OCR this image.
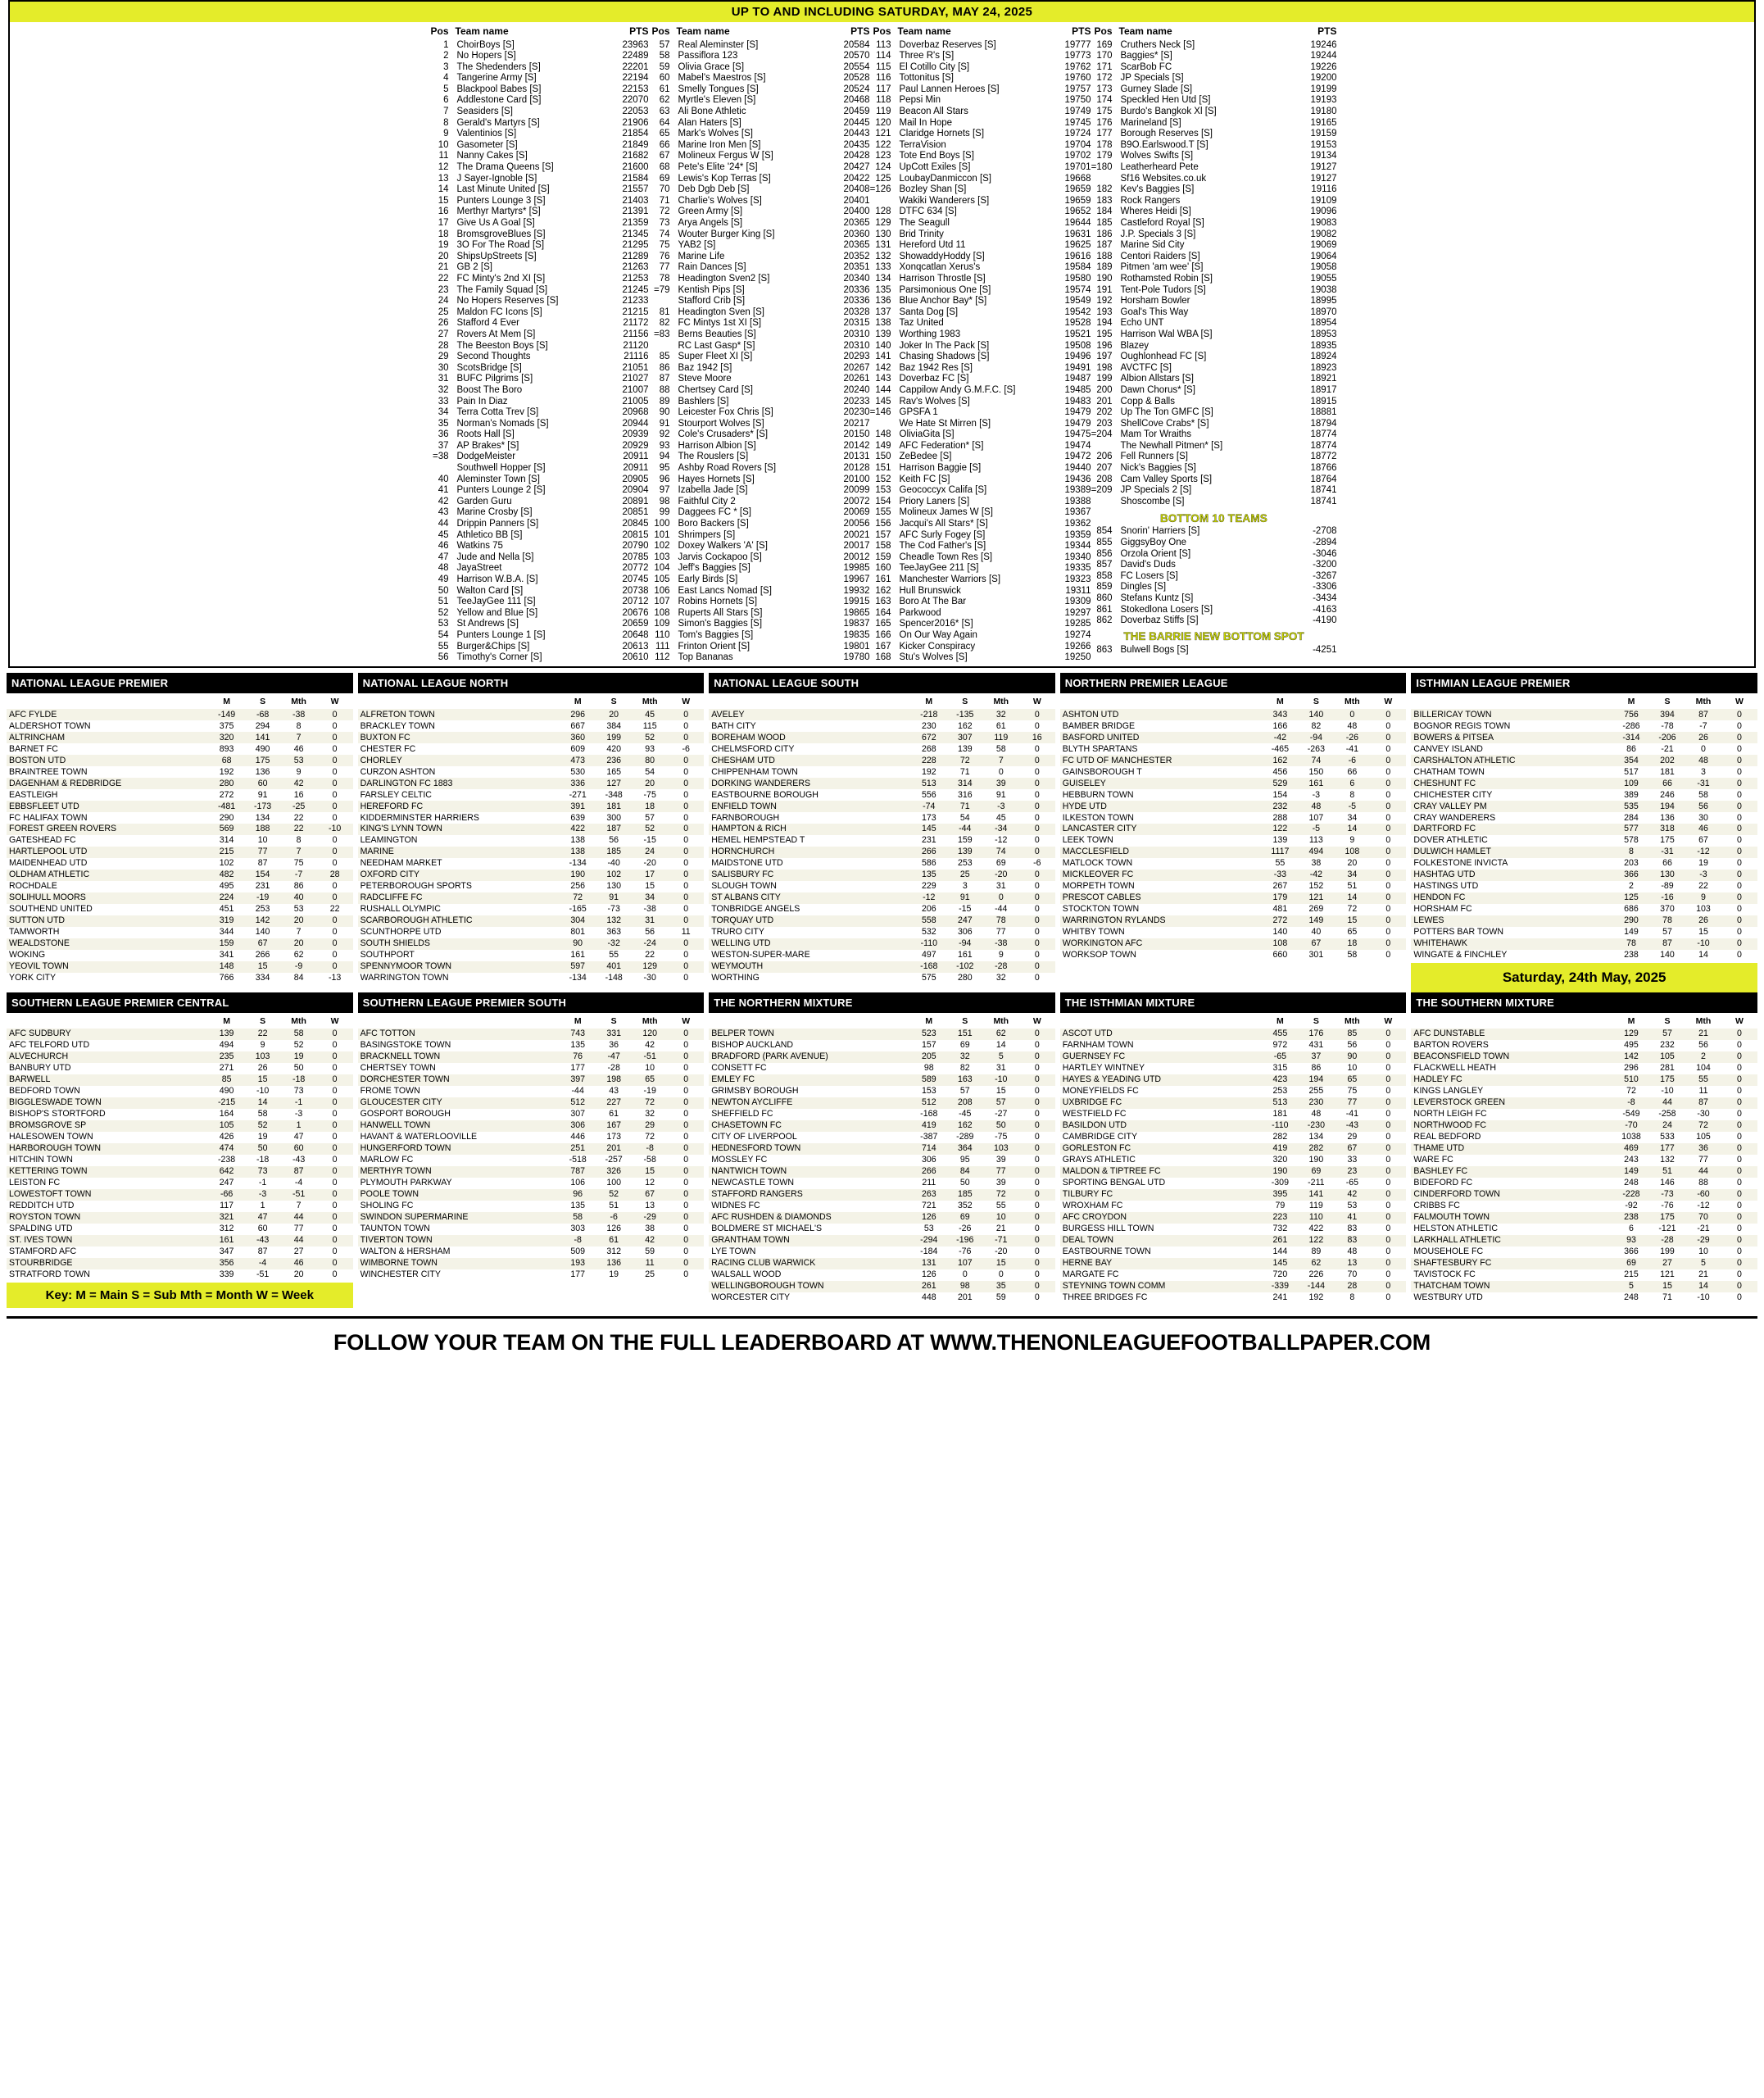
UP TO AND INCLUDING SATURDAY, MAY 24, 2025
Pos	Team name	PTS
1	ChoirBoys [S]	23963
2	No Hopers [S]	22489
3	The Shedenders [S]	22201
4	Tangerine Army [S]	22194
5	Blackpool Babes [S]	22153
6	Addlestone Card [S]	22070
7	Seasiders [S]	22053
8	Gerald's Martyrs [S]	21906
9	Valentinios [S]	21854
10	Gasometer [S]	21849
11	Nanny Cakes [S]	21682
12	The Drama Queens [S]	21600
13	J Sayer-Ignoble [S]	21584
14	Last Minute United [S]	21557
15	Punters Lounge 3 [S]	21403
16	Merthyr Martyrs* [S]	21391
17	Give Us A Goal [S]	21359
18	BromsgroveBlues [S]	21345
19	3O For The Road [S]	21295
20	ShipsUpStreets [S]	21289
21	GB 2 [S]	21263
22	FC Minty's 2nd XI [S]	21253
23	The Family Squad [S]	21245
24	No Hopers Reserves [S]	21233
25	Maldon FC Icons [S]	21215
26	Stafford 4 Ever	21172
27	Rovers At Mem [S]	21156
28	The Beeston Boys [S]	21120
29	Second Thoughts	21116
30	ScotsBridge [S]	21051
31	BUFC Pilgrims [S]	21027
32	Boost The Boro	21007
33	Pain In Diaz	21005
34	Terra Cotta Trev [S]	20968
35	Norman's Nomads [S]	20944
36	Roots Hall [S]	20939
37	AP Brakes* [S]	20929
=38	DodgeMeister	20911
	Southwell Hopper [S]	20911
40	Aleminster Town [S]	20905
41	Punters Lounge 2 [S]	20904
42	Garden Guru	20891
43	Marine Crosby [S]	20851
44	Drippin Panners [S]	20845
45	Athletico BB [S]	20815
46	Watkins 75	20790
47	Jude and Nella [S]	20785
48	JayaStreet	20772
49	Harrison W.B.A. [S]	20745
50	Walton Card [S]	20738
51	TeeJayGee 111 [S]	20712
52	Yellow and Blue [S]	20676
53	St Andrews [S]	20659
54	Punters Lounge 1 [S]	20648
55	Burger&Chips [S]	20613
56	Timothy's Corner [S]	20610
Pos	Team name	PTS
57	Real Aleminster [S]	20584
58	Passiflora 123	20570
59	Olivia Grace [S]	20554
60	Mabel's Maestros [S]	20528
61	Smelly Tongues [S]	20524
62	Myrtle's Eleven [S]	20468
63	Ali Bone Athletic	20459
64	Alan Haters [S]	20445
65	Mark's Wolves [S]	20443
66	Marine Iron Men [S]	20435
67	Molineux Fergus W [S]	20428
68	Pete's Elite '24* [S]	20427
69	Lewis's Kop Terras [S]	20422
70	Deb Dgb Deb [S]	20408
71	Charlie's Wolves [S]	20401
72	Green Army [S]	20400
73	Arya Angels [S]	20365
74	Wouter Burger King [S]	20360
75	YAB2 [S]	20365
76	Marine Life	20352
77	Rain Dances [S]	20351
78	Headington Sven2 [S]	20340
=79	Kentish Pips [S]	20336
	Stafford Crib [S]	20336
81	Headington Sven [S]	20328
82	FC Mintys 1st XI [S]	20315
=83	Berns Beauties [S]	20310
	RC Last Gasp* [S]	20310
85	Super Fleet XI [S]	20293
86	Baz 1942 [S]	20267
87	Steve Moore	20261
88	Chertsey Card [S]	20240
89	Bashlers [S]	20233
90	Leicester Fox Chris [S]	20230
91	Stourport Wolves [S]	20217
92	Cole's Crusaders* [S]	20150
93	Harrison Albion [S]	20142
94	The Rouslers [S]	20131
95	Ashby Road Rovers [S]	20128
96	Hayes Hornets [S]	20100
97	Izabella Jade [S]	20099
98	Faithful City 2	20072
99	Daggees FC * [S]	20069
100	Boro Backers [S]	20056
101	Shrimpers [S]	20021
102	Doxey Walkers 'A' [S]	20017
103	Jarvis Cockapoo [S]	20012
104	Jeff's Baggies [S]	19985
105	Early Birds [S]	19967
106	East Lancs Nomad [S]	19932
107	Robins Hornets [S]	19915
108	Ruperts All Stars [S]	19865
109	Simon's Baggies [S]	19837
110	Tom's Baggies [S]	19835
111	Frinton Orient [S]	19801
112	Top Bananas	19780
Pos	Team name	PTS
113	Doverbaz Reserves [S]	19777
114	Three R's [S]	19773
115	El Cotillo City [S]	19762
116	Tottonitus [S]	19760
117	Paul Lannen Heroes [S]	19757
118	Pepsi Min	19750
119	Beacon All Stars	19749
120	Mail In Hope	19745
121	Claridge Hornets [S]	19724
122	TerraVision	19704
123	Tote End Boys [S]	19702
124	UpCott Exiles [S]	19701
125	LoubayDanmiccon [S]	19668
=126	Bozley Shan [S]	19659
	Wakiki Wanderers [S]	19659
128	DTFC 634 [S]	19652
129	The Seagull	19644
130	Brid Trinity	19631
131	Hereford Utd 11	19625
132	ShowaddyHoddy [S]	19616
133	Xonqcatlan Xerus's	19584
134	Harrison Throstle [S]	19580
135	Parsimonious One [S]	19574
136	Blue Anchor Bay* [S]	19549
137	Santa Dog [S]	19542
138	Taz United	19528
139	Worthing 1983	19521
140	Joker In The Pack [S]	19508
141	Chasing Shadows [S]	19496
142	Baz 1942 Res [S]	19491
143	Doverbaz FC [S]	19487
144	Cappilow Andy G.M.F.C. [S]	19485
145	Rav's Wolves [S]	19483
=146	GPSFA 1	19479
	We Hate St Mirren [S]	19479
148	OliviaGita [S]	19475
149	AFC Federation* [S]	19474
150	ZeBedee [S]	19472
151	Harrison Baggie [S]	19440
152	Keith FC [S]	19436
153	Geococcyx Califa [S]	19389
154	Priory Laners [S]	19388
155	Molineux James W [S]	19367
156	Jacqui's All Stars* [S]	19362
157	AFC Surly Fogey [S]	19359
158	The Cod Father's [S]	19344
159	Cheadle Town Res [S]	19340
160	TeeJayGee 211 [S]	19335
161	Manchester Warriors [S]	19323
162	Hull Brunswick	19311
163	Boro At The Bar	19309
164	Parkwood	19297
165	Spencer2016* [S]	19285
166	On Our Way Again	19274
167	Kicker Conspiracy	19266
168	Stu's Wolves [S]	19250
Pos	Team name	PTS
169	Cruthers Neck [S]	19246
170	Baggies* [S]	19244
171	ScarBob FC	19226
172	JP Specials [S]	19200
173	Gurney Slade [S]	19199
174	Speckled Hen Utd [S]	19193
175	Burdo's Bangkok Xl [S]	19180
176	Marineland [S]	19165
177	Borough Reserves [S]	19159
178	B9O.Earlswood.T [S]	19153
179	Wolves Swifts [S]	19134
=180	Leatherheard Pete	19127
	Sf16 Websites.co.uk	19127
182	Kev's Baggies [S]	19116
183	Rock Rangers	19109
184	Wheres Heidi [S]	19096
185	Castleford Royal [S]	19083
186	J.P. Specials 3 [S]	19082
187	Marine Sid City	19069
188	Centori Raiders [S]	19064
189	Pitmen 'am wee' [S]	19058
190	Rothamsted Robin [S]	19055
191	Tent-Pole Tudors [S]	19038
192	Horsham Bowler	18995
193	Goal's This Way	18970
194	Echo UNT	18954
195	Harrison Wal WBA [S]	18953
196	Blazey	18935
197	Oughlonhead FC [S]	18924
198	AVCTFC [S]	18923
199	Albion Allstars [S]	18921
200	Dawn Chorus* [S]	18917
201	Copp & Balls	18915
202	Up The Ton GMFC [S]	18881
203	ShellCove Crabs* [S]	18794
=204	Mam Tor Wraiths	18774
	The Newhall Pitmen* [S]	18774
206	Fell Runners [S]	18772
207	Nick's Baggies [S]	18766
208	Cam Valley Sports [S]	18764
=209	JP Specials 2 [S]	18741
	Shoscombe [S]	18741
BOTTOM 10 TEAMS
854	Snorin' Harriers [S]	-2708
855	GiggsyBoy One	-2894
856	Orzola Orient [S]	-3046
857	David's Duds	-3200
858	FC Losers [S]	-3267
859	Dingles [S]	-3306
860	Stefans Kuntz [S]	-3434
861	Stokedlona Losers [S]	-4163
862	Doverbaz Stiffs [S]	-4190
THE BARRIE NEW BOTTOM SPOT
863	Bulwell Bogs [S]	-4251
NATIONAL LEAGUE PREMIER
	M	S	Mth	W
AFC FYLDE	-149	-68	-38	0
ALDERSHOT TOWN	375	294	8	0
ALTRINCHAM	320	141	7	0
BARNET FC	893	490	46	0
BOSTON UTD	68	175	53	0
BRAINTREE TOWN	192	136	9	0
DAGENHAM & REDBRIDGE	280	60	42	0
EASTLEIGH	272	91	16	0
EBBSFLEET UTD	-481	-173	-25	0
FC HALIFAX TOWN	290	134	22	0
FOREST GREEN ROVERS	569	188	22	-10
GATESHEAD FC	314	10	8	0
HARTLEPOOL UTD	215	77	7	0
MAIDENHEAD UTD	102	87	75	0
OLDHAM ATHLETIC	482	154	-7	28
ROCHDALE	495	231	86	0
SOLIHULL MOORS	224	-19	40	0
SOUTHEND UNITED	451	253	53	22
SUTTON UTD	319	142	20	0
TAMWORTH	344	140	7	0
WEALDSTONE	159	67	20	0
WOKING	341	266	62	0
YEOVIL TOWN	148	15	-9	0
YORK CITY	766	334	84	-13
NATIONAL LEAGUE NORTH
	M	S	Mth	W
ALFRETON TOWN	296	20	45	0
BRACKLEY TOWN	667	384	115	0
BUXTON FC	360	199	52	0
CHESTER FC	609	420	93	-6
CHORLEY	473	236	80	0
CURZON ASHTON	530	165	54	0
DARLINGTON FC 1883	336	127	20	0
FARSLEY CELTIC	-271	-348	-75	0
HEREFORD FC	391	181	18	0
KIDDERMINSTER HARRIERS	639	300	57	0
KING'S LYNN TOWN	422	187	52	0
LEAMINGTON	138	56	-15	0
MARINE	138	185	24	0
NEEDHAM MARKET	-134	-40	-20	0
OXFORD CITY	190	102	17	0
PETERBOROUGH SPORTS	256	130	15	0
RADCLIFFE FC	72	91	34	0
RUSHALL OLYMPIC	-165	-73	-38	0
SCARBOROUGH ATHLETIC	304	132	31	0
SCUNTHORPE UTD	801	363	56	11
SOUTH SHIELDS	90	-32	-24	0
SOUTHPORT	161	55	22	0
SPENNYMOOR TOWN	597	401	129	0
WARRINGTON TOWN	-134	-148	-30	0
NATIONAL LEAGUE SOUTH
	M	S	Mth	W
AVELEY	-218	-135	32	0
BATH CITY	230	162	61	0
BOREHAM WOOD	672	307	119	16
CHELMSFORD CITY	268	139	58	0
CHESHAM UTD	228	72	7	0
CHIPPENHAM TOWN	192	71	0	0
DORKING WANDERERS	513	314	39	0
EASTBOURNE BOROUGH	556	316	91	0
ENFIELD TOWN	-74	71	-3	0
FARNBOROUGH	173	54	45	0
HAMPTON & RICH	145	-44	-34	0
HEMEL HEMPSTEAD T	231	159	-12	0
HORNCHURCH	266	139	74	0
MAIDSTONE UTD	586	253	69	-6
SALISBURY FC	135	25	-20	0
SLOUGH TOWN	229	3	31	0
ST ALBANS CITY	-12	91	0	0
TONBRIDGE ANGELS	206	-15	-44	0
TORQUAY UTD	558	247	78	0
TRURO CITY	532	306	77	0
WELLING UTD	-110	-94	-38	0
WESTON-SUPER-MARE	497	161	9	0
WEYMOUTH	-168	-102	-28	0
WORTHING	575	280	32	0
NORTHERN PREMIER LEAGUE
	M	S	Mth	W
ASHTON UTD	343	140	0	0
BAMBER BRIDGE	166	82	48	0
BASFORD UNITED	-42	-94	-26	0
BLYTH SPARTANS	-465	-263	-41	0
FC UTD OF MANCHESTER	162	74	-6	0
GAINSBOROUGH T	456	150	66	0
GUISELEY	529	161	6	0
HEBBURN TOWN	154	-3	8	0
HYDE UTD	232	48	-5	0
ILKESTON TOWN	288	107	34	0
LANCASTER CITY	122	-5	14	0
LEEK TOWN	139	113	9	0
MACCLESFIELD	1117	494	108	0
MATLOCK TOWN	55	38	20	0
MICKLEOVER FC	-33	-42	34	0
MORPETH TOWN	267	152	51	0
PRESCOT CABLES	179	121	14	0
STOCKTON TOWN	481	269	72	0
WARRINGTON RYLANDS	272	149	15	0
WHITBY TOWN	140	40	65	0
WORKINGTON AFC	108	67	18	0
WORKSOP TOWN	660	301	58	0
ISTHMIAN LEAGUE PREMIER
	M	S	Mth	W
BILLERICAY TOWN	756	394	87	0
BOGNOR REGIS TOWN	-286	-78	-7	0
BOWERS & PITSEA	-314	-206	26	0
CANVEY ISLAND	86	-21	0	0
CARSHALTON ATHLETIC	354	202	48	0
CHATHAM TOWN	517	181	3	0
CHESHUNT FC	109	66	-31	0
CHICHESTER CITY	389	246	58	0
CRAY VALLEY PM	535	194	56	0
CRAY WANDERERS	284	136	30	0
DARTFORD FC	577	318	46	0
DOVER ATHLETIC	578	175	67	0
DULWICH HAMLET	8	-31	-12	0
FOLKESTONE INVICTA	203	66	19	0
HASHTAG UTD	366	130	-3	0
HASTINGS UTD	2	-89	22	0
HENDON FC	125	-16	9	0
HORSHAM FC	686	370	103	0
LEWES	290	78	26	0
POTTERS BAR TOWN	149	57	15	0
WHITEHAWK	78	87	-10	0
WINGATE & FINCHLEY	238	140	14	0
Saturday, 24th May, 2025
SOUTHERN LEAGUE PREMIER CENTRAL
	M	S	Mth	W
AFC SUDBURY	139	22	58	0
AFC TELFORD UTD	494	9	52	0
ALVECHURCH	235	103	19	0
BANBURY UTD	271	26	50	0
BARWELL	85	15	-18	0
BEDFORD TOWN	490	-10	73	0
BIGGLESWADE TOWN	-215	14	-1	0
BISHOP'S STORTFORD	164	58	-3	0
BROMSGROVE SP	105	52	1	0
HALESOWEN TOWN	426	19	47	0
HARBOROUGH TOWN	474	50	60	0
HITCHIN TOWN	-238	-18	-43	0
KETTERING TOWN	642	73	87	0
LEISTON FC	247	-1	-4	0
LOWESTOFT TOWN	-66	-3	-51	0
REDDITCH UTD	117	1	7	0
ROYSTON TOWN	321	47	44	0
SPALDING UTD	312	60	77	0
ST. IVES TOWN	161	-43	44	0
STAMFORD AFC	347	87	27	0
STOURBRIDGE	356	-4	46	0
STRATFORD TOWN	339	-51	20	0
Key: M = Main S = Sub Mth = Month W = Week
SOUTHERN LEAGUE PREMIER SOUTH
	M	S	Mth	W
AFC TOTTON	743	331	120	0
BASINGSTOKE TOWN	135	36	42	0
BRACKNELL TOWN	76	-47	-51	0
CHERTSEY TOWN	177	-28	10	0
DORCHESTER TOWN	397	198	65	0
FROME TOWN	-44	43	-19	0
GLOUCESTER CITY	512	227	72	0
GOSPORT BOROUGH	307	61	32	0
HANWELL TOWN	306	167	29	0
HAVANT & WATERLOOVILLE	446	173	72	0
HUNGERFORD TOWN	251	201	-8	0
MARLOW FC	-518	-257	-58	0
MERTHYR TOWN	787	326	15	0
PLYMOUTH PARKWAY	106	100	12	0
POOLE TOWN	96	52	67	0
SHOLING FC	135	51	13	0
SWINDON SUPERMARINE	58	-6	-29	0
TAUNTON TOWN	303	126	38	0
TIVERTON TOWN	-8	61	42	0
WALTON & HERSHAM	509	312	59	0
WIMBORNE TOWN	193	136	11	0
WINCHESTER CITY	177	19	25	0
THE NORTHERN MIXTURE
	M	S	Mth	W
BELPER TOWN	523	151	62	0
BISHOP AUCKLAND	157	69	14	0
BRADFORD (PARK AVENUE)	205	32	5	0
CONSETT FC	98	82	31	0
EMLEY FC	589	163	-10	0
GRIMSBY BOROUGH	153	57	15	0
NEWTON AYCLIFFE	512	208	57	0
SHEFFIELD FC	-168	-45	-27	0
CHASETOWN FC	419	162	50	0
CITY OF LIVERPOOL	-387	-289	-75	0
HEDNESFORD TOWN	714	364	103	0
MOSSLEY FC	306	95	39	0
NANTWICH TOWN	266	84	77	0
NEWCASTLE TOWN	211	50	39	0
STAFFORD RANGERS	263	185	72	0
WIDNES FC	721	352	55	0
AFC RUSHDEN & DIAMONDS	126	69	10	0
BOLDMERE ST MICHAEL'S	53	-26	21	0
GRANTHAM TOWN	-294	-196	-71	0
LYE TOWN	-184	-76	-20	0
RACING CLUB WARWICK	131	107	15	0
WALSALL WOOD	126	0	0	0
WELLINGBOROUGH TOWN	261	98	35	0
WORCESTER CITY	448	201	59	0
THE ISTHMIAN MIXTURE
	M	S	Mth	W
ASCOT UTD	455	176	85	0
FARNHAM TOWN	972	431	56	0
GUERNSEY FC	-65	37	90	0
HARTLEY WINTNEY	315	86	10	0
HAYES & YEADING UTD	423	194	65	0
MONEYFIELDS FC	253	255	75	0
UXBRIDGE FC	513	230	77	0
WESTFIELD FC	181	48	-41	0
BASILDON UTD	-110	-230	-43	0
CAMBRIDGE CITY	282	134	29	0
GORLESTON FC	419	282	67	0
GRAYS ATHLETIC	320	190	33	0
MALDON & TIPTREE FC	190	69	23	0
SPORTING BENGAL UTD	-309	-211	-65	0
TILBURY FC	395	141	42	0
WROXHAM FC	79	119	53	0
AFC CROYDON	223	110	41	0
BURGESS HILL TOWN	732	422	83	0
DEAL TOWN	261	122	83	0
EASTBOURNE TOWN	144	89	48	0
HERNE BAY	145	62	13	0
MARGATE FC	720	226	70	0
STEYNING TOWN COMM	-339	-144	28	0
THREE BRIDGES FC	241	192	8	0
THE SOUTHERN MIXTURE
	M	S	Mth	W
AFC DUNSTABLE	129	57	21	0
BARTON ROVERS	495	232	56	0
BEACONSFIELD TOWN	142	105	2	0
FLACKWELL HEATH	296	281	104	0
HADLEY FC	510	175	55	0
KINGS LANGLEY	72	-10	11	0
LEVERSTOCK GREEN	-8	44	87	0
NORTH LEIGH FC	-549	-258	-30	0
NORTHWOOD FC	-70	24	72	0
REAL BEDFORD	1038	533	105	0
THAME UTD	469	177	36	0
WARE FC	243	132	77	0
BASHLEY FC	149	51	44	0
BIDEFORD FC	248	146	88	0
CINDERFORD TOWN	-228	-73	-60	0
CRIBBS FC	-92	-76	-12	0
FALMOUTH TOWN	238	175	70	0
HELSTON ATHLETIC	6	-121	-21	0
LARKHALL ATHLETIC	93	-28	-29	0
MOUSEHOLE FC	366	199	10	0
SHAFTESBURY FC	69	27	5	0
TAVISTOCK FC	215	121	21	0
THATCHAM TOWN	5	15	14	0
WESTBURY UTD	248	71	-10	0
FOLLOW YOUR TEAM ON THE FULL LEADERBOARD AT WWW.THENONLEAGUEFOOTBALLPAPER.COM
